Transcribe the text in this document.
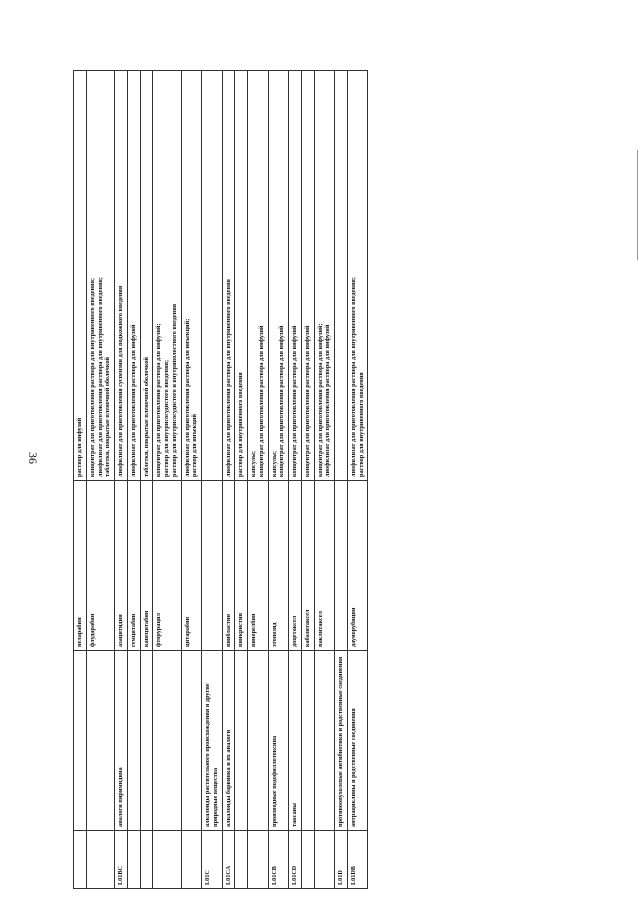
36
		неларабин	раствор для инфузий

		флударабин	концентрат для приготовления раствора для внутривенного введения; лиофилизат для приготовления раствора для внутривенного введения; таблетки, покрытые пленочной оболочкой

L01BC	аналоги пиримидина	азацитидин	лиофилизат для приготовления суспензии для подкожного введения

		гемцитабин	лиофилизат для приготовления раствора для инфузий

		капецитабин	таблетки, покрытые пленочной оболочкой

		фторурацил	концентрат для приготовления раствора для инфузий; раствор для внутрисосудистого введения; раствор для внутрисосудистого и внутриполостного введения

		цитарабин	лиофилизат для приготовления раствора для инъекций; раствор для инъекций

L01C	алкалоиды растительного происхождения и другие природные вещества		
L01CA	алкалоиды барвинка и их аналоги	винбластин	лиофилизат для приготовления раствора для внутривенного введения

		винкристин	раствор для внутривенного введения

		винорелбин	капсулы; концентрат для приготовления раствора для инфузий

L01CB	производные подофиллотоксина	этопозид	капсулы; концентрат для приготовления раствора для инфузий

L01CD	таксаны	доцетаксел	концентрат для приготовления раствора для инфузий

		кабазитаксел	концентрат для приготовления раствора для инфузий

		паклитаксел	концентрат для приготовления раствора для инфузий; лиофилизат для приготовления раствора для инфузий

L01D	противоопухолевые антибиотики и родственные соединения		
L01DB	антрациклины и родственные соединения	даунорубицин	лиофилизат для приготовления раствора для внутривенного введения; раствор для внутривенного введения
